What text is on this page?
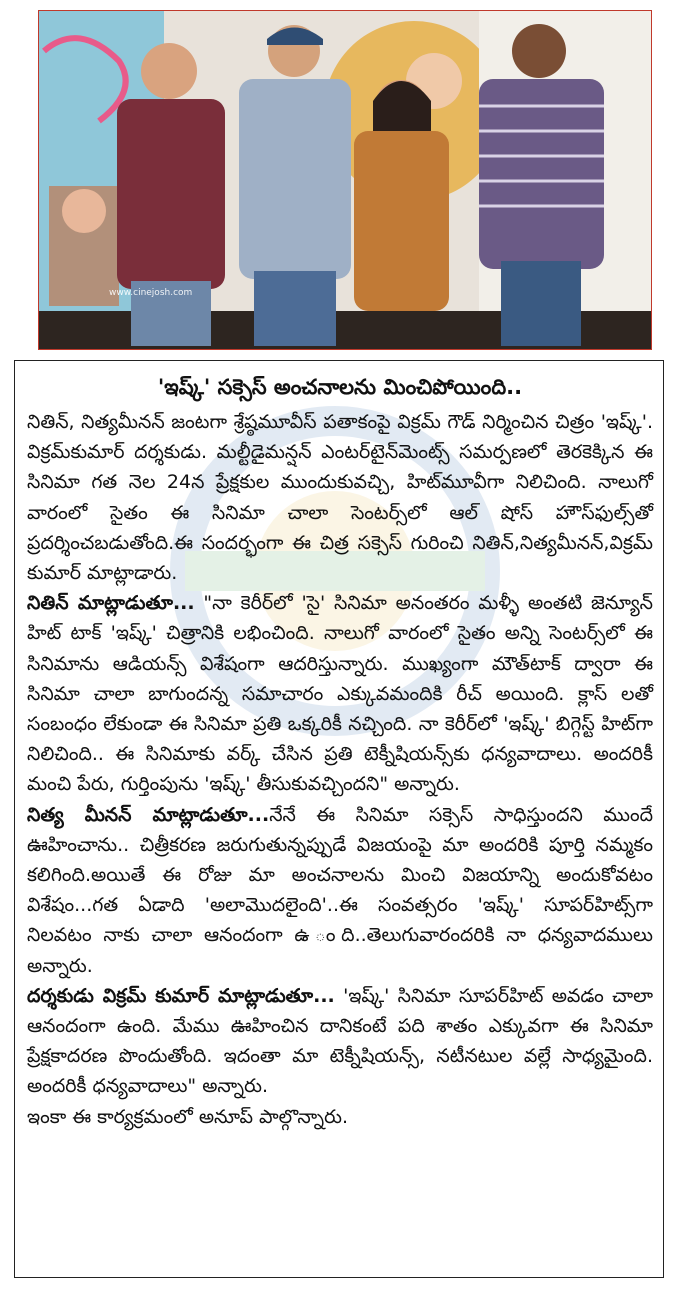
www.cinejosh.com
'ఇష్క్' సక్సెస్ అంచనాలను మించిపోయింది..

నితిన్, నిత్యమీనన్ జంటగా శ్రేష్ఠమూవీస్ పతాకంపై విక్రమ్ గౌడ్ నిర్మించిన చిత్రం 'ఇష్క్'. విక్రమ్‌కుమార్ దర్శకుడు. మల్టీడైమన్షన్ ఎంటర్‌టైన్‌మెంట్స్ సమర్పణలో తెరకెక్కిన ఈ సినిమా గత నెల 24న ప్రేక్షకుల ముందుకువచ్చి, హిట్‌మూవీగా నిలిచింది. నాలుగో వారంలో సైతం ఈ సినిమా చాలా సెంటర్స్‌లో ఆల్ షోస్ హౌస్‌ఫుల్స్‌తో ప్రదర్శించబడుతోంది.ఈ సందర్భంగా ఈ చిత్ర సక్సెస్ గురించి నితిన్,నిత్యమీనన్,విక్రమ్ కుమార్ మాట్లాడారు.

నితిన్ మాట్లాడుతూ... "నా కెరీర్‌లో 'సై' సినిమా అనంతరం మళ్ళీ అంతటి జెన్యూన్ హిట్ టాక్ 'ఇష్క్' చిత్రానికి లభించింది. నాలుగో వారంలో సైతం అన్ని సెంటర్స్‌లో ఈ సినిమాను ఆడియన్స్ విశేషంగా ఆదరిస్తున్నారు. ముఖ్యంగా మౌత్‌టాక్ ద్వారా ఈ సినిమా చాలా బాగుందన్న సమాచారం ఎక్కువమందికి రీచ్ అయింది. క్లాస్ లతో సంబంధం లేకుండా ఈ సినిమా ప్రతి ఒక్కరికీ నచ్చింది. నా కెరీర్‌లో 'ఇష్క్' బిగ్గెస్ట్ హిట్‌గా నిలిచింది.. ఈ సినిమాకు వర్క్ చేసిన ప్రతి టెక్నీషియన్స్‌కు ధన్యవాదాలు. అందరికీ మంచి పేరు, గుర్తింపును 'ఇష్క్' తీసుకువచ్చిందని" అన్నారు.

నిత్య మీనన్ మాట్లాడుతూ...నేనే ఈ సినిమా సక్సెస్ సాధిస్తుందని ముందే ఊహించాను.. చిత్రీకరణ జరుగుతున్నప్పుడే విజయంపై మా అందరికి పూర్తి నమ్మకం కలిగింది.అయితే ఈ రోజు మా అంచనాలను మించి విజయాన్ని అందుకోవటం విశేషం...గత ఏడాది 'అలామొదలైంది'..ఈ సంవత్సరం 'ఇష్క్' సూపర్‌హిట్స్‌గా నిలవటం నాకు చాలా ఆనందంగా ఉ ంది..తెలుగువారందరికి నా ధన్యవాదములు అన్నారు.

దర్శకుడు విక్రమ్ కుమార్ మాట్లాడుతూ... 'ఇష్క్' సినిమా సూపర్‌హిట్ అవడం చాలా ఆనందంగా ఉంది. మేము ఊహించిన దానికంటే పది శాతం ఎక్కువగా ఈ సినిమా ప్రేక్షకాదరణ పొందుతోంది. ఇదంతా మా టెక్నీషియన్స్, నటీనటుల వల్లే సాధ్యమైంది. అందరికీ ధన్యవాదాలు" అన్నారు.

ఇంకా ఈ కార్యక్రమంలో అనూప్ పాల్గొన్నారు.
